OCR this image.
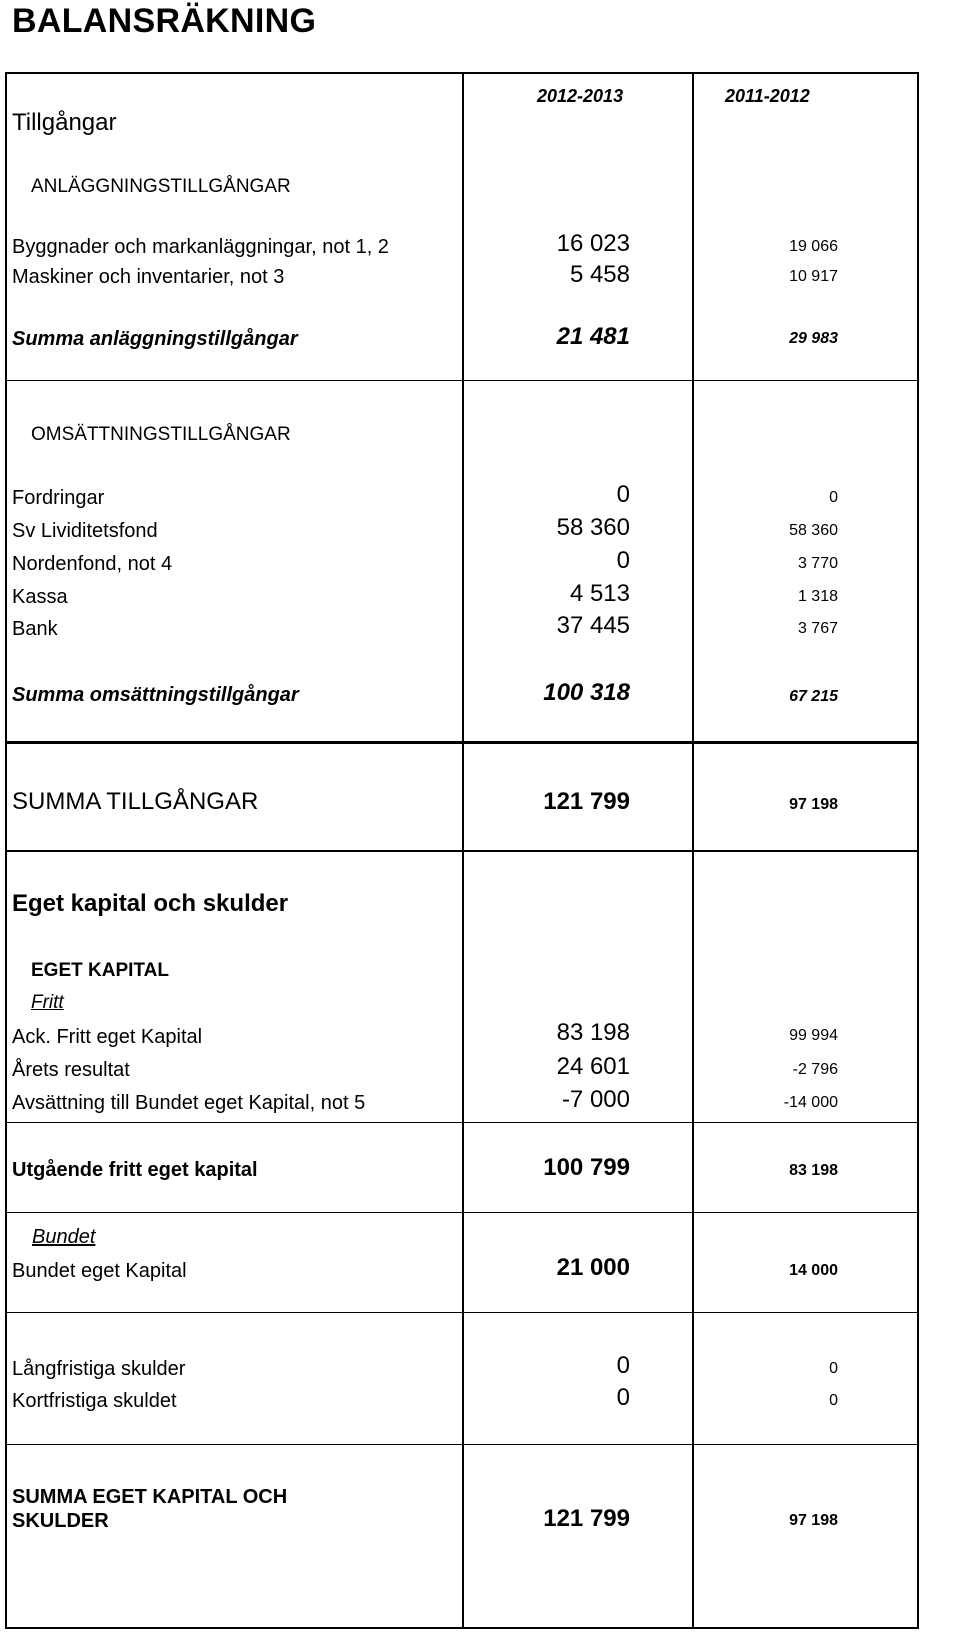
BALANSRÄKNING
2012-2013	2011-2012
Tillgångar
ANLÄGGNINGSTILLGÅNGAR
Byggnader och markanläggningar, not 1, 2	16 023	19 066
Maskiner och inventarier, not 3	5 458	10 917
Summa anläggningstillgångar	21 481	29 983
OMSÄTTNINGSTILLGÅNGAR
Fordringar	0	0
Sv Lividitetsfond	58 360	58 360
Nordenfond, not 4	0	3 770
Kassa	4 513	1 318
Bank	37 445	3 767
Summa omsättningstillgångar	100 318	67 215
SUMMA TILLGÅNGAR	121 799	97 198
Eget kapital och skulder
EGET KAPITAL
Fritt
Ack. Fritt eget Kapital	83 198	99 994
Årets resultat	24 601	-2 796
Avsättning till Bundet eget Kapital, not 5	-7 000	-14 000
Utgående fritt eget kapital	100 799	83 198
Bundet
Bundet eget Kapital	21 000	14 000
Långfristiga skulder	0	0
Kortfristiga skuldet	0	0
SUMMA EGET KAPITAL OCH
SKULDER	121 799	97 198
